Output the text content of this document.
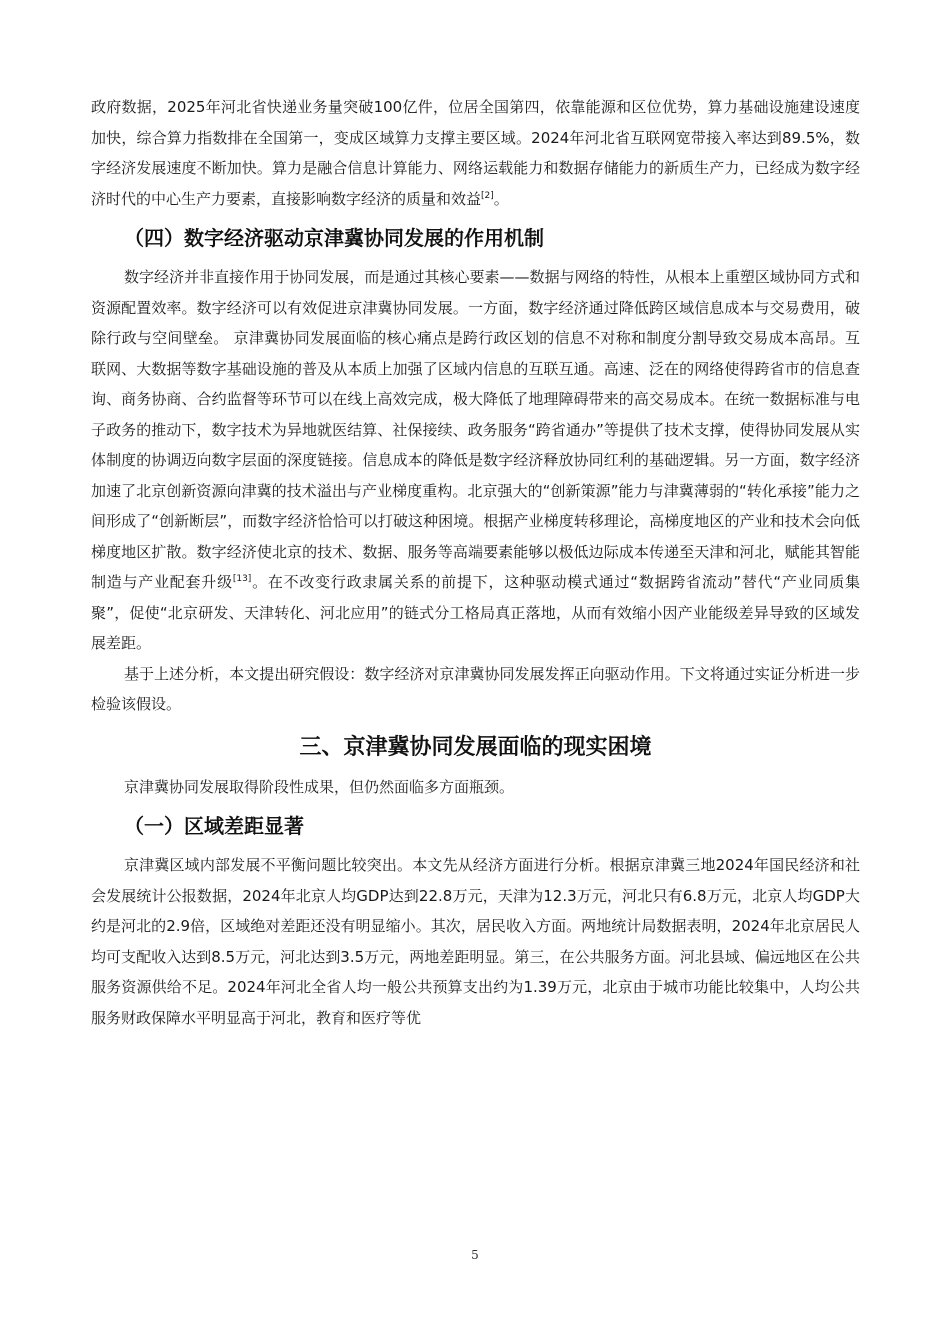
政府数据，2025年河北省快递业务量突破100亿件，位居全国第四，依靠能源和区位优势，算力基础设施建设速度加快，综合算力指数排在全国第一，变成区域算力支撑主要区域。2024年河北省互联网宽带接入率达到89.5%，数字经济发展速度不断加快。算力是融合信息计算能力、网络运载能力和数据存储能力的新质生产力，已经成为数字经济时代的中心生产力要素，直接影响数字经济的质量和效益[2]。

（四）数字经济驱动京津冀协同发展的作用机制

数字经济并非直接作用于协同发展，而是通过其核心要素——数据与网络的特性，从根本上重塑区域协同方式和资源配置效率。数字经济可以有效促进京津冀协同发展。一方面，数字经济通过降低跨区域信息成本与交易费用，破除行政与空间壁垒。 京津冀协同发展面临的核心痛点是跨行政区划的信息不对称和制度分割导致交易成本高昂。互联网、大数据等数字基础设施的普及从本质上加强了区域内信息的互联互通。高速、泛在的网络使得跨省市的信息查询、商务协商、合约监督等环节可以在线上高效完成，极大降低了地理障碍带来的高交易成本。在统一数据标准与电子政务的推动下，数字技术为异地就医结算、社保接续、政务服务“跨省通办”等提供了技术支撑，使得协同发展从实体制度的协调迈向数字层面的深度链接。信息成本的降低是数字经济释放协同红利的基础逻辑。另一方面，数字经济加速了北京创新资源向津冀的技术溢出与产业梯度重构。北京强大的“创新策源”能力与津冀薄弱的“转化承接”能力之间形成了“创新断层”，而数字经济恰恰可以打破这种困境。根据产业梯度转移理论，高梯度地区的产业和技术会向低梯度地区扩散。数字经济使北京的技术、数据、服务等高端要素能够以极低边际成本传递至天津和河北，赋能其智能制造与产业配套升级[13]。在不改变行政隶属关系的前提下，这种驱动模式通过“数据跨省流动”替代“产业同质集聚”，促使“北京研发、天津转化、河北应用”的链式分工格局真正落地，从而有效缩小因产业能级差异导致的区域发展差距。

基于上述分析，本文提出研究假设：数字经济对京津冀协同发展发挥正向驱动作用。下文将通过实证分析进一步检验该假设。

三、京津冀协同发展面临的现实困境

京津冀协同发展取得阶段性成果，但仍然面临多方面瓶颈。

（一）区域差距显著

京津冀区域内部发展不平衡问题比较突出。本文先从经济方面进行分析。根据京津冀三地2024年国民经济和社会发展统计公报数据，2024年北京人均GDP达到22.8万元，天津为12.3万元，河北只有6.8万元，北京人均GDP大约是河北的2.9倍，区域绝对差距还没有明显缩小。其次，居民收入方面。两地统计局数据表明，2024年北京居民人均可支配收入达到8.5万元，河北达到3.5万元，两地差距明显。第三，在公共服务方面。河北县域、偏远地区在公共服务资源供给不足。2024年河北全省人均一般公共预算支出约为1.39万元，北京由于城市功能比较集中，人均公共服务财政保障水平明显高于河北，教育和医疗等优

5
